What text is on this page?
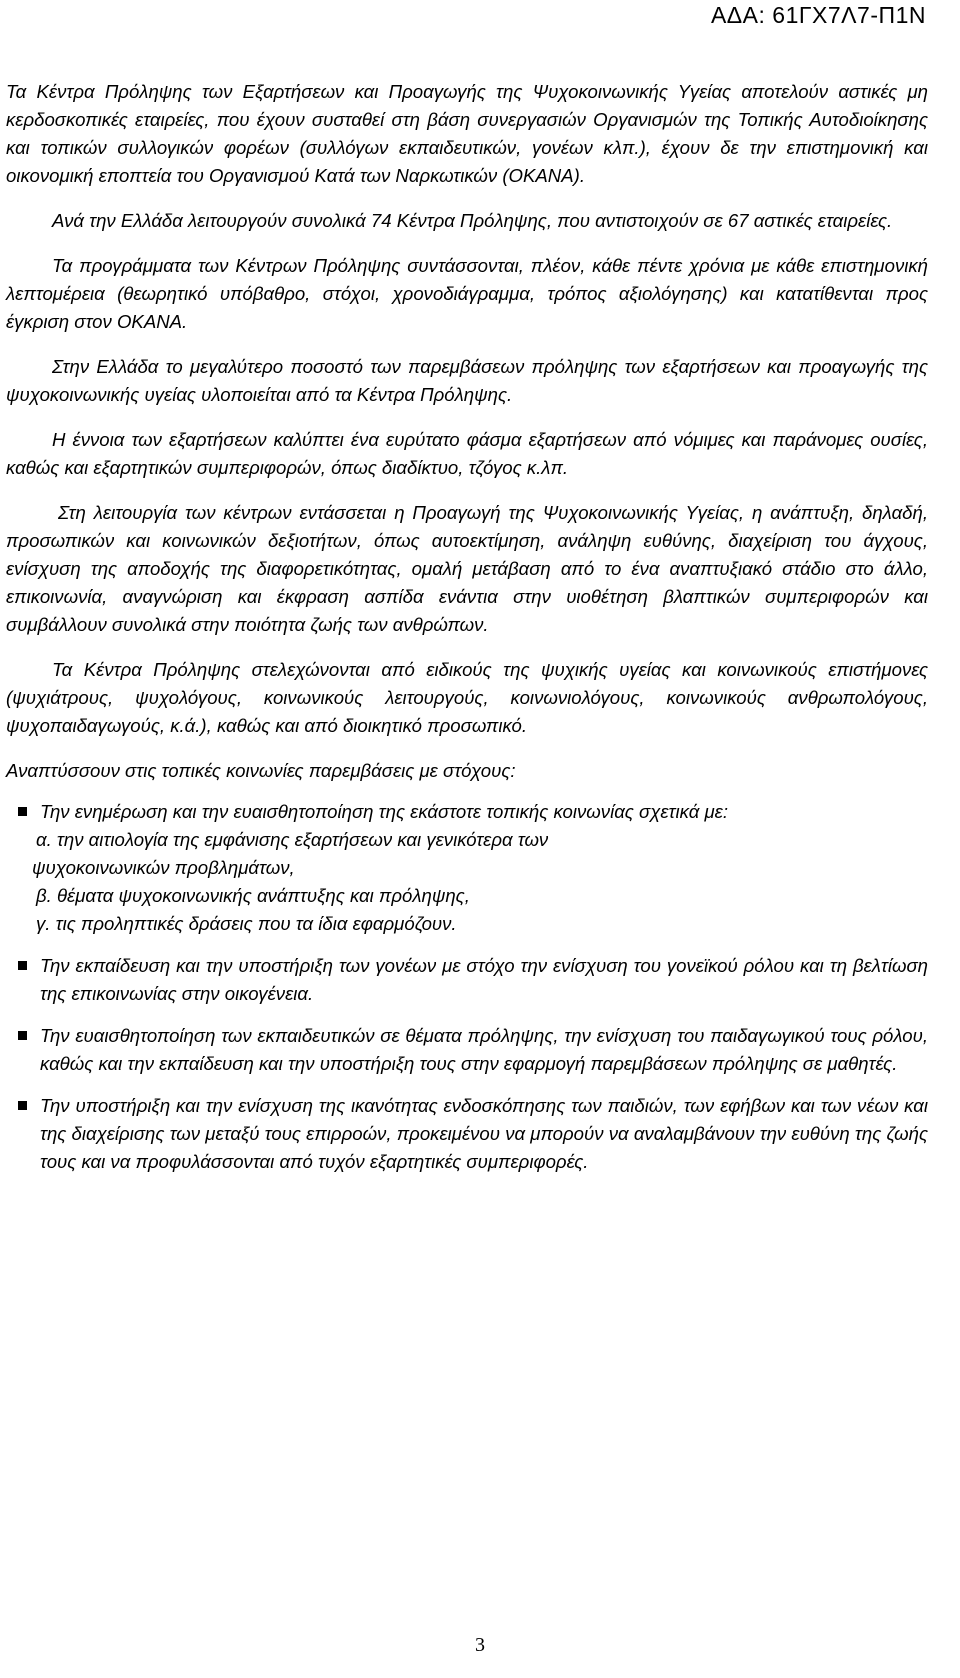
ΑΔΑ: 61ΓΧ7Λ7-Π1Ν

Τα Κέντρα Πρόληψης των Εξαρτήσεων και Προαγωγής της Ψυχοκοινωνικής Υγείας αποτελούν αστικές μη κερδοσκοπικές εταιρείες, που έχουν συσταθεί στη βάση συνεργασιών Οργανισμών της Τοπικής Αυτοδιοίκησης και τοπικών συλλογικών φορέων (συλλόγων εκπαιδευτικών, γονέων κλπ.), έχουν δε την επιστημονική και οικονομική εποπτεία του Οργανισμού Κατά των Ναρκωτικών (ΟΚΑΝΑ).

Ανά την Ελλάδα λειτουργούν συνολικά 74 Κέντρα Πρόληψης, που αντιστοιχούν σε 67 αστικές εταιρείες.

Τα προγράμματα των Κέντρων Πρόληψης συντάσσονται, πλέον, κάθε πέντε χρόνια με κάθε επιστημονική λεπτομέρεια (θεωρητικό υπόβαθρο, στόχοι, χρονοδιάγραμμα, τρόπος αξιολόγησης) και κατατίθενται προς έγκριση στον ΟΚΑΝΑ.

Στην Ελλάδα το μεγαλύτερο ποσοστό των παρεμβάσεων πρόληψης των εξαρτήσεων και προαγωγής της ψυχοκοινωνικής υγείας υλοποιείται από τα Κέντρα Πρόληψης.

Η έννοια των εξαρτήσεων καλύπτει ένα ευρύτατο φάσμα εξαρτήσεων από νόμιμες και παράνομες ουσίες, καθώς και εξαρτητικών συμπεριφορών, όπως διαδίκτυο, τζόγος κ.λπ.

Στη λειτουργία των κέντρων εντάσσεται η Προαγωγή της Ψυχοκοινωνικής Υγείας, η ανάπτυξη, δηλαδή, προσωπικών και κοινωνικών δεξιοτήτων, όπως αυτοεκτίμηση, ανάληψη ευθύνης, διαχείριση του άγχους, ενίσχυση της αποδοχής της διαφορετικότητας, ομαλή μετάβαση από το ένα αναπτυξιακό στάδιο στο άλλο, επικοινωνία, αναγνώριση και έκφραση ασπίδα ενάντια στην υιοθέτηση βλαπτικών συμπεριφορών και συμβάλλουν συνολικά στην ποιότητα ζωής των ανθρώπων.

Τα Κέντρα Πρόληψης στελεχώνονται από ειδικούς της ψυχικής υγείας και κοινωνικούς επιστήμονες (ψυχιάτρους, ψυχολόγους, κοινωνικούς λειτουργούς, κοινωνιολόγους, κοινωνικούς ανθρωπολόγους, ψυχοπαιδαγωγούς, κ.ά.), καθώς και από διοικητικό προσωπικό.

Αναπτύσσουν στις τοπικές κοινωνίες παρεμβάσεις με στόχους:

Την ενημέρωση και την ευαισθητοποίηση της εκάστοτε τοπικής κοινωνίας σχετικά με:
α. την αιτιολογία της εμφάνισης εξαρτήσεων και γενικότερα των
ψυχοκοινωνικών προβλημάτων,
β. θέματα ψυχοκοινωνικής ανάπτυξης και πρόληψης,
γ. τις προληπτικές δράσεις που τα ίδια εφαρμόζουν.
Την εκπαίδευση και την υποστήριξη των γονέων με στόχο την ενίσχυση του γονεϊκού ρόλου και τη βελτίωση της επικοινωνίας στην οικογένεια.
Την ευαισθητοποίηση των εκπαιδευτικών σε θέματα πρόληψης, την ενίσχυση του παιδαγωγικού τους ρόλου, καθώς και την εκπαίδευση και την υποστήριξη τους στην εφαρμογή παρεμβάσεων πρόληψης σε μαθητές.
Την υποστήριξη και την ενίσχυση της ικανότητας ενδοσκόπησης των παιδιών, των εφήβων και των νέων και της διαχείρισης των μεταξύ τους επιρροών, προκειμένου να μπορούν να αναλαμβάνουν την ευθύνη της ζωής τους και να προφυλάσσονται από τυχόν εξαρτητικές συμπεριφορές.
3
